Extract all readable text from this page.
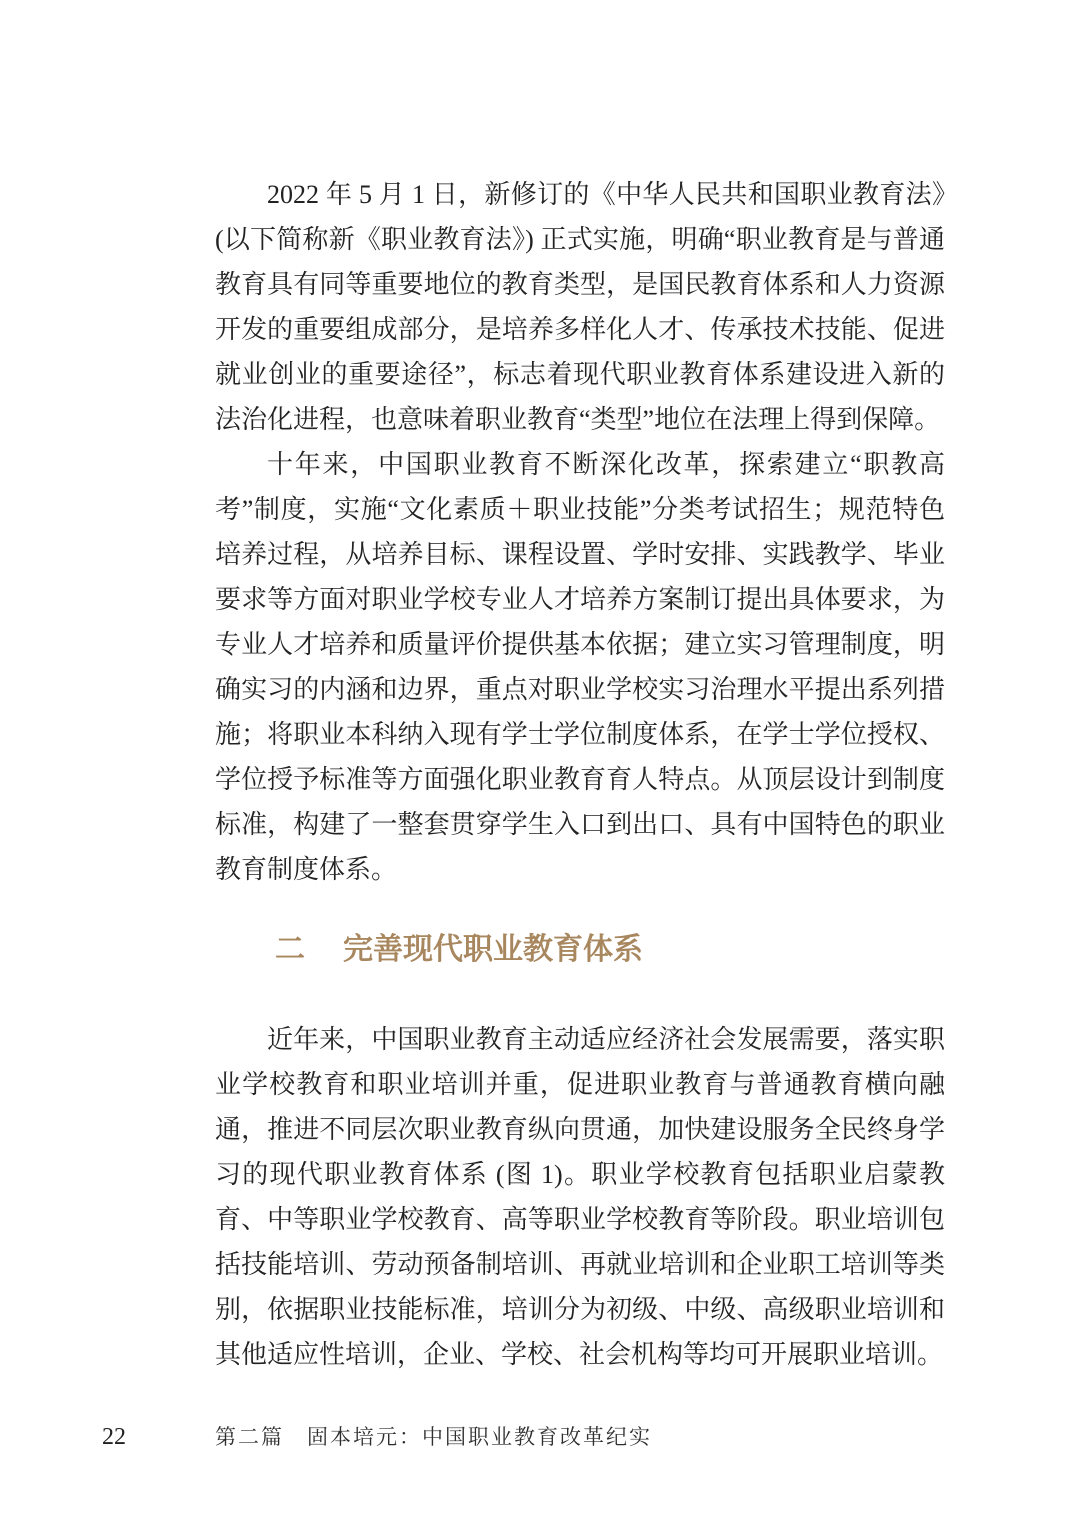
2022 年 5 月 1 日，新修订的《中华人民共和国职业教育法》(以下简称新《职业教育法》) 正式实施，明确“职业教育是与普通教育具有同等重要地位的教育类型，是国民教育体系和人力资源开发的重要组成部分，是培养多样化人才、传承技术技能、促进就业创业的重要途径”，标志着现代职业教育体系建设进入新的法治化进程，也意味着职业教育“类型”地位在法理上得到保障。

十年来，中国职业教育不断深化改革，探索建立“职教高考”制度，实施“文化素质＋职业技能”分类考试招生；规范特色培养过程，从培养目标、课程设置、学时安排、实践教学、毕业要求等方面对职业学校专业人才培养方案制订提出具体要求，为专业人才培养和质量评价提供基本依据；建立实习管理制度，明确实习的内涵和边界，重点对职业学校实习治理水平提出系列措施；将职业本科纳入现有学士学位制度体系，在学士学位授权、学位授予标准等方面强化职业教育育人特点。从顶层设计到制度标准，构建了一整套贯穿学生入口到出口、具有中国特色的职业教育制度体系。

二 完善现代职业教育体系

近年来，中国职业教育主动适应经济社会发展需要，落实职业学校教育和职业培训并重，促进职业教育与普通教育横向融通，推进不同层次职业教育纵向贯通，加快建设服务全民终身学习的现代职业教育体系 (图 1)。职业学校教育包括职业启蒙教育、中等职业学校教育、高等职业学校教育等阶段。职业培训包括技能培训、劳动预备制培训、再就业培训和企业职工培训等类别，依据职业技能标准，培训分为初级、中级、高级职业培训和其他适应性培训，企业、学校、社会机构等均可开展职业培训。

22	第二篇　固本培元：中国职业教育改革纪实
